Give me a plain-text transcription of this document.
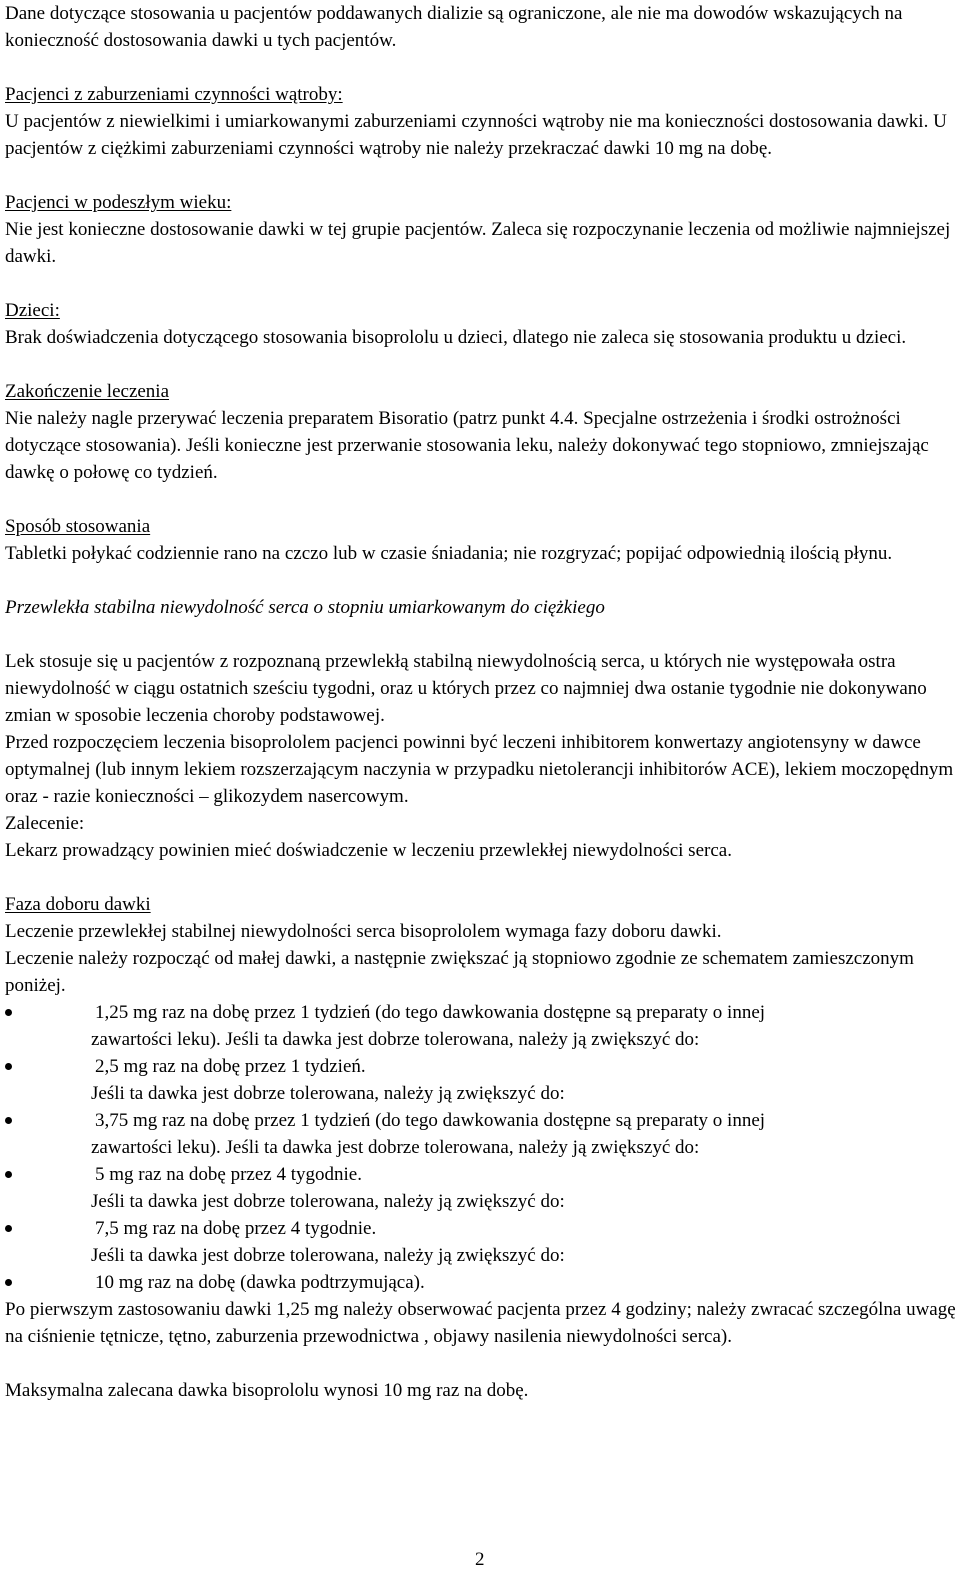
Dane dotyczące stosowania u pacjentów poddawanych dializie są ograniczone, ale nie ma dowodów wskazujących na konieczność dostosowania dawki u tych pacjentów.

Pacjenci z zaburzeniami czynności wątroby:

U pacjentów z niewielkimi i umiarkowanymi zaburzeniami czynności wątroby nie ma konieczności dostosowania dawki. U pacjentów z ciężkimi zaburzeniami czynności wątroby nie należy przekraczać dawki 10 mg na dobę.

Pacjenci w podeszłym wieku:

Nie jest konieczne dostosowanie dawki w tej grupie pacjentów. Zaleca się rozpoczynanie leczenia od możliwie najmniejszej dawki.

Dzieci:

Brak doświadczenia dotyczącego stosowania bisoprololu u dzieci, dlatego nie zaleca się stosowania produktu u dzieci.

Zakończenie leczenia

Nie należy nagle przerywać leczenia preparatem Bisoratio (patrz punkt 4.4. Specjalne ostrzeżenia i środki ostrożności dotyczące stosowania). Jeśli konieczne jest przerwanie stosowania leku, należy dokonywać tego stopniowo, zmniejszając dawkę o połowę co tydzień.

Sposób stosowania

Tabletki połykać codziennie rano na czczo lub w czasie śniadania; nie rozgryzać; popijać odpowiednią ilością płynu.

Przewlekła stabilna niewydolność serca o stopniu umiarkowanym do ciężkiego

Lek stosuje się u pacjentów z rozpoznaną przewlekłą stabilną niewydolnością serca, u których nie występowała ostra niewydolność w ciągu ostatnich sześciu tygodni, oraz u których przez co najmniej dwa ostanie tygodnie nie dokonywano zmian w sposobie leczenia choroby podstawowej.

Przed rozpoczęciem leczenia bisoprololem pacjenci powinni być leczeni inhibitorem konwertazy angiotensyny w dawce optymalnej (lub innym lekiem rozszerzającym naczynia w przypadku nietolerancji inhibitorów ACE), lekiem moczopędnym oraz - razie konieczności – glikozydem nasercowym.

Zalecenie:

Lekarz prowadzący powinien mieć doświadczenie w leczeniu przewlekłej niewydolności serca.

Faza doboru dawki

Leczenie przewlekłej stabilnej niewydolności serca bisoprololem wymaga fazy doboru dawki.

Leczenie należy rozpocząć od małej dawki, a następnie zwiększać ją stopniowo zgodnie ze schematem zamieszczonym poniżej.

1,25 mg raz na dobę przez 1 tydzień (do tego dawkowania dostępne są preparaty o innej
zawartości leku). Jeśli ta dawka jest dobrze tolerowana, należy ją zwiększyć do:
2,5 mg raz na dobę przez 1 tydzień.
Jeśli ta dawka jest dobrze tolerowana, należy ją zwiększyć do:
3,75 mg raz na dobę przez 1 tydzień (do tego dawkowania dostępne są preparaty o innej
zawartości leku). Jeśli ta dawka jest dobrze tolerowana, należy ją zwiększyć do:
5 mg raz na dobę przez 4 tygodnie.
Jeśli ta dawka jest dobrze tolerowana, należy ją zwiększyć do:
7,5 mg raz na dobę przez 4 tygodnie.
Jeśli ta dawka jest dobrze tolerowana, należy ją zwiększyć do:
10 mg raz na dobę (dawka podtrzymująca).

Po pierwszym zastosowaniu dawki 1,25 mg należy obserwować pacjenta przez 4 godziny; należy zwracać szczególna uwagę na ciśnienie tętnicze, tętno, zaburzenia przewodnictwa , objawy nasilenia niewydolności serca).

Maksymalna zalecana dawka bisoprololu wynosi 10 mg raz na dobę.

2
